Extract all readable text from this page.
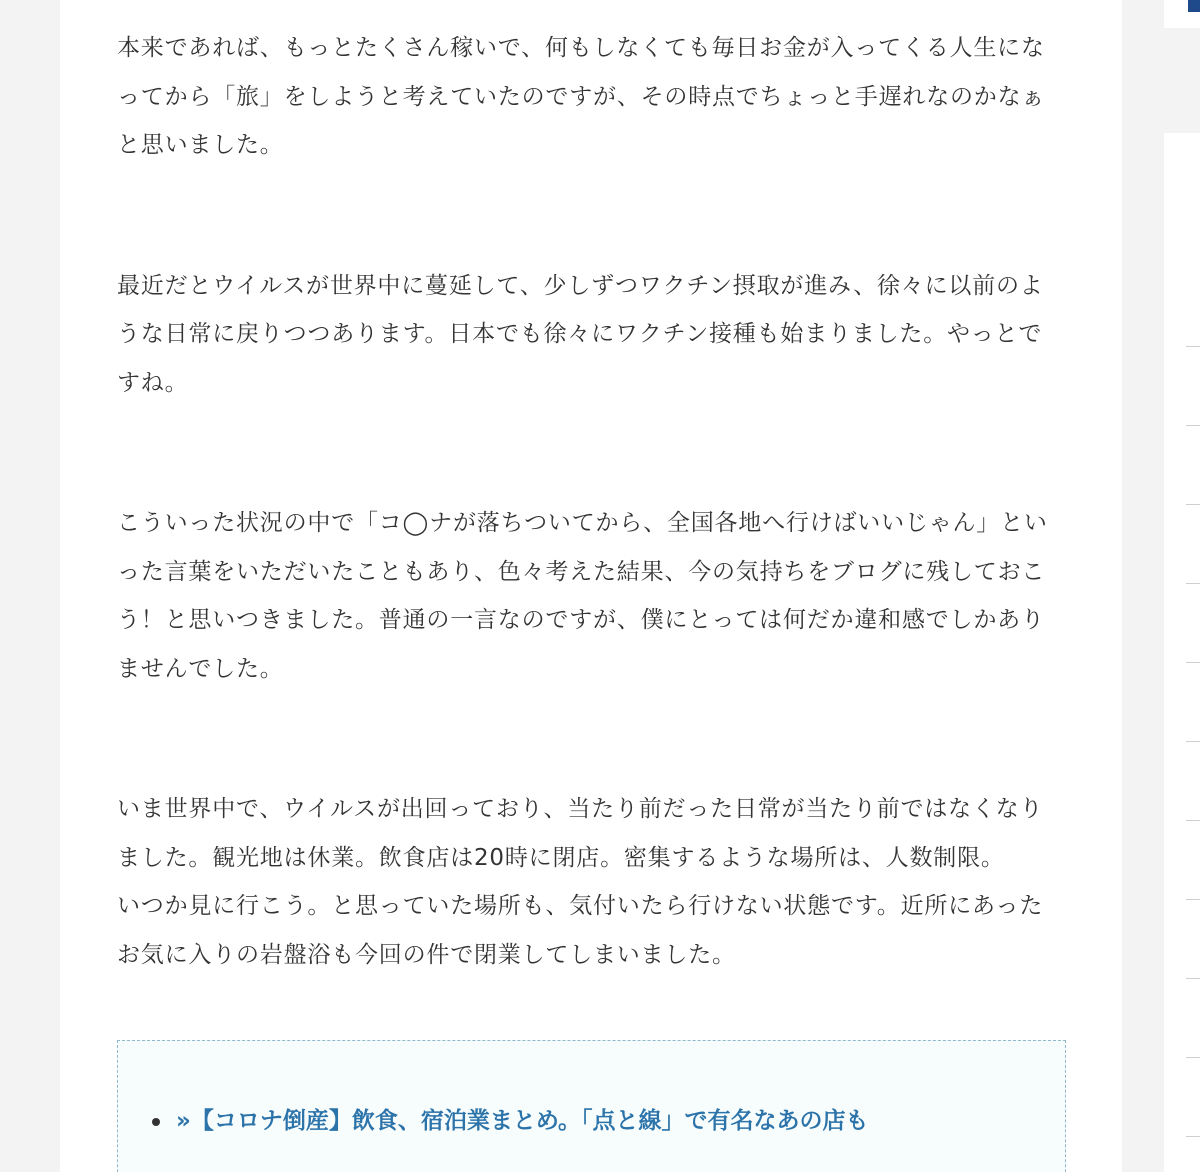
本来であれば、もっとたくさん稼いで、何もしなくても毎日お金が入ってくる人生にな
ってから「旅」をしようと考えていたのですが、その時点でちょっと手遅れなのかなぁ
と思いました。

最近だとウイルスが世界中に蔓延して、少しずつワクチン摂取が進み、徐々に以前のよ
うな日常に戻りつつあります。日本でも徐々にワクチン接種も始まりました。やっとで
すね。

こういった状況の中で「コ◯ナが落ちついてから、全国各地へ行けばいいじゃん」とい
った言葉をいただいたこともあり、色々考えた結果、今の気持ちをブログに残しておこ
う！と思いつきました。普通の一言なのですが、僕にとっては何だか違和感でしかあり
ませんでした。

いま世界中で、ウイルスが出回っており、当たり前だった日常が当たり前ではなくなり
ました。観光地は休業。飲食店は20時に閉店。密集するような場所は、人数制限。
いつか見に行こう。と思っていた場所も、気付いたら行けない状態です。近所にあった
お気に入りの岩盤浴も今回の件で閉業してしまいました。

»【コロナ倒産】飲食、宿泊業まとめ。「点と線」で有名なあの店も
